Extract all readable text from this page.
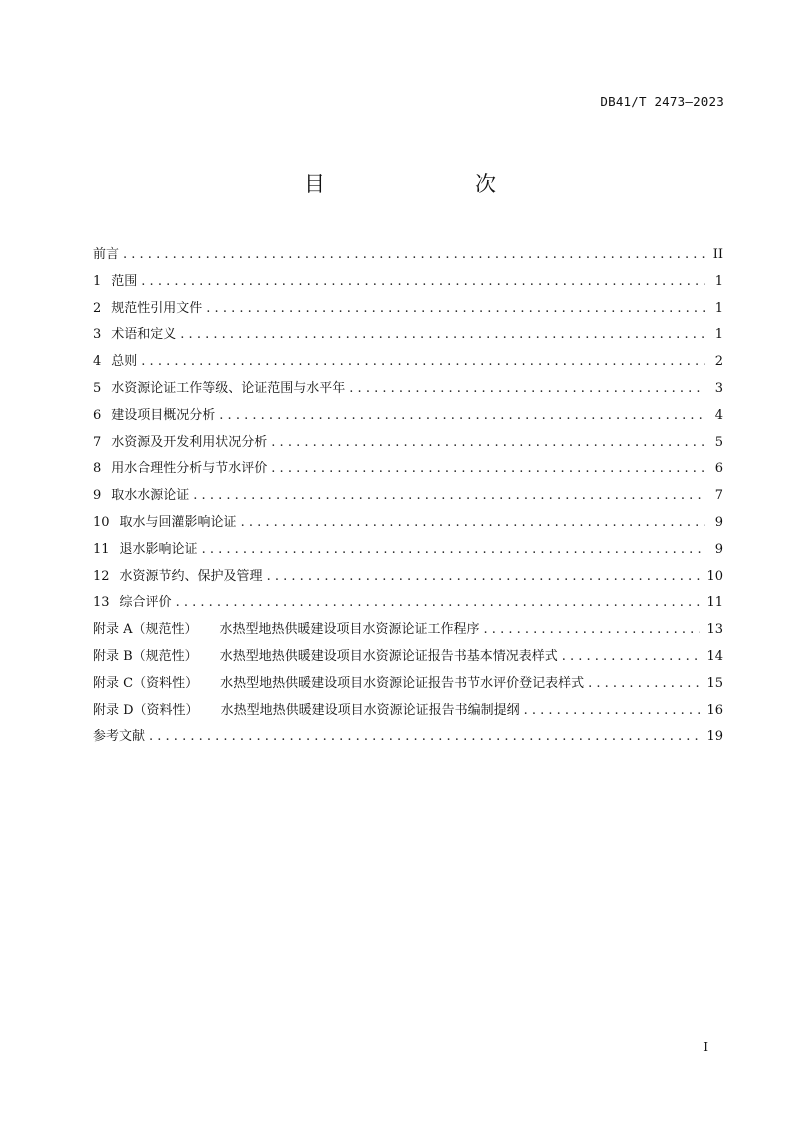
DB41/T 2473—2023
目　　次
前言 . . .	II
1 范围 . . .	1
2 规范性引用文件 . . .	1
3 术语和定义 . . .	1
4 总则 . . .	2
5 水资源论证工作等级、论证范围与水平年 . . .	3
6 建设项目概况分析 . . .	4
7 水资源及开发利用状况分析 . . .	5
8 用水合理性分析与节水评价 . . .	6
9 取水水源论证 . . .	7
10 取水与回灌影响论证 . . .	9
11 退水影响论证 . . .	9
12 水资源节约、保护及管理 . . .	10
13 综合评价 . . .	11
附录 A（规范性） 水热型地热供暖建设项目水资源论证工作程序 . . .	13
附录 B（规范性） 水热型地热供暖建设项目水资源论证报告书基本情况表样式 . . .	14
附录 C（资料性） 水热型地热供暖建设项目水资源论证报告书节水评价登记表样式 . . .	15
附录 D（资料性） 水热型地热供暖建设项目水资源论证报告书编制提纲 . . .	16
参考文献 . . .	19
I
